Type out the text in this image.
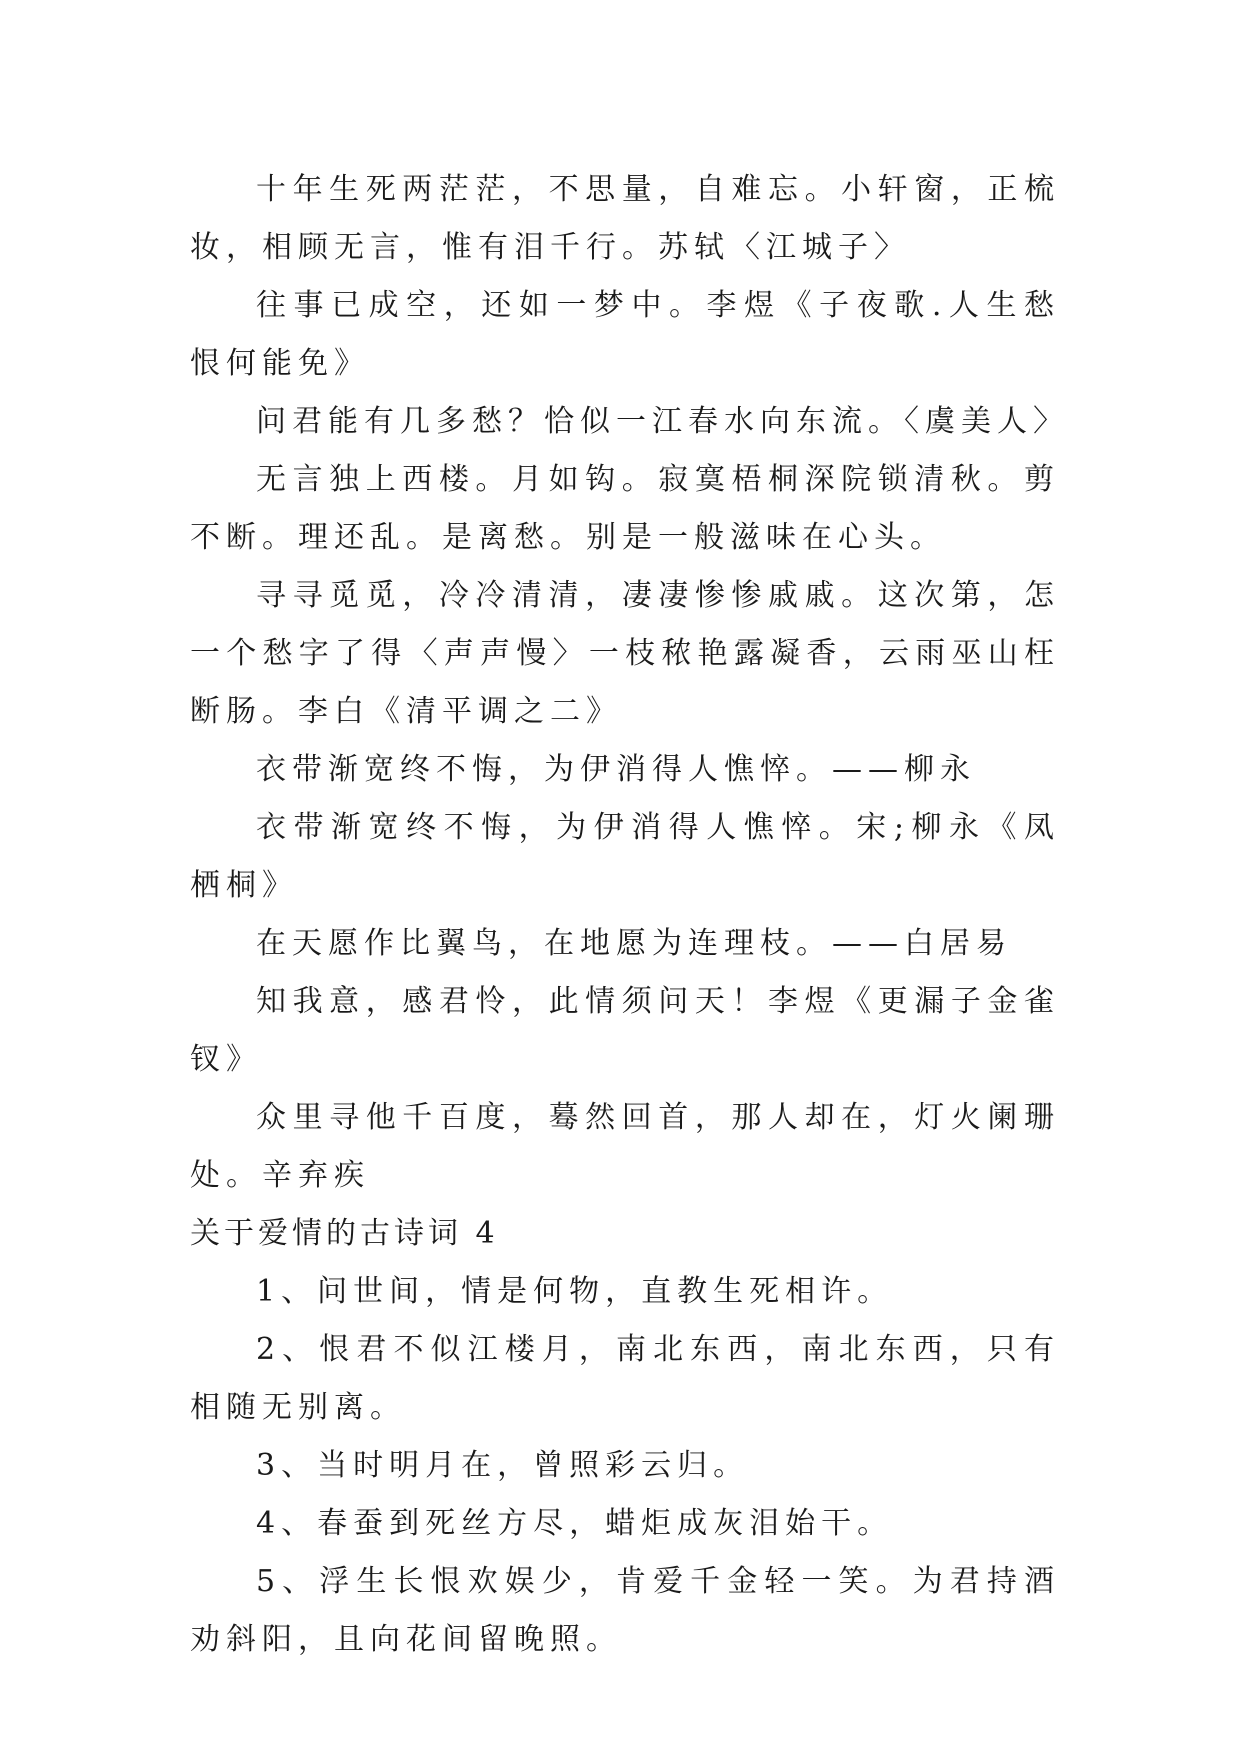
十年生死两茫茫，不思量，自难忘。小轩窗，正梳妆，相顾无言，惟有泪千行。苏轼〈江城子〉

往事已成空，还如一梦中。李煜《子夜歌.人生愁恨何能免》

问君能有几多愁？恰似一江春水向东流。〈虞美人〉

无言独上西楼。月如钩。寂寞梧桐深院锁清秋。剪不断。理还乱。是离愁。别是一般滋味在心头。

寻寻觅觅，冷冷清清，凄凄惨惨戚戚。这次第，怎一个愁字了得〈声声慢〉一枝秾艳露凝香，云雨巫山枉断肠。李白《清平调之二》

衣带渐宽终不悔，为伊消得人憔悴。——柳永

衣带渐宽终不悔，为伊消得人憔悴。宋;柳永《凤栖桐》

在天愿作比翼鸟，在地愿为连理枝。——白居易

知我意，感君怜，此情须问天！李煜《更漏子金雀钗》

众里寻他千百度，蓦然回首，那人却在，灯火阑珊处。辛弃疾

关于爱情的古诗词 4

1、问世间，情是何物，直教生死相许。

2、恨君不似江楼月，南北东西，南北东西，只有相随无别离。

3、当时明月在，曾照彩云归。

4、春蚕到死丝方尽，蜡炬成灰泪始干。

5、浮生长恨欢娱少，肯爱千金轻一笑。为君持酒劝斜阳，且向花间留晚照。
